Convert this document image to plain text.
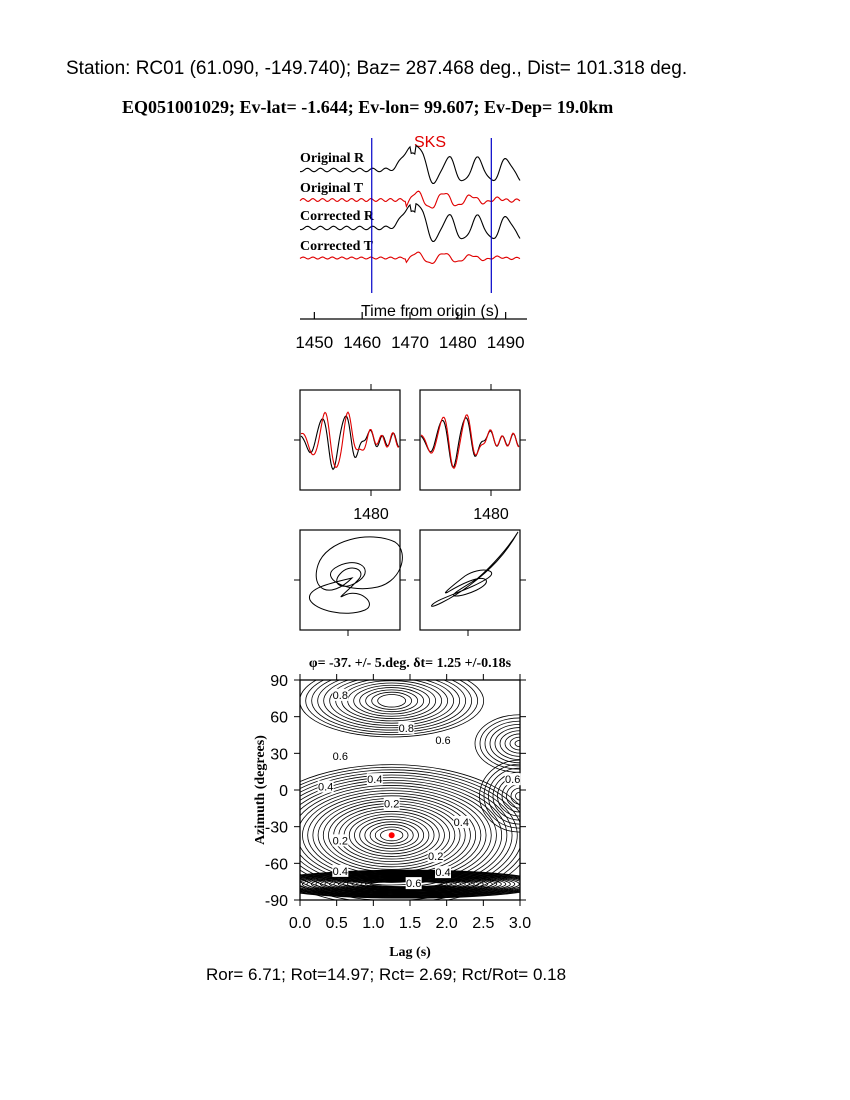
Station: RC01 (61.090, -149.740); Baz= 287.468 deg., Dist= 101.318 deg.
EQ051001029; Ev-lat= -1.644; Ev-lon= 99.607; Ev-Dep= 19.0km
SKS
Original R
Original T
Corrected R
Corrected T
Time from origin (s)
1450 1460 1470 1480 1490
1480	1480
φ= -37. +/- 5.deg. δt= 1.25 +/-0.18s
0.8
0.8
0.6
0.6
0.4	0.6
0.4
0.2
0.4
0.2
0.2
0.4	0.4
0.6
0.0 0.5 1.0 1.5 2.0 2.5 3.0
90
60
30
0
-30
-60
-90
Lag (s)
Azimuth (degrees)
Ror= 6.71; Rot=14.97; Rct= 2.69; Rct/Rot= 0.18
